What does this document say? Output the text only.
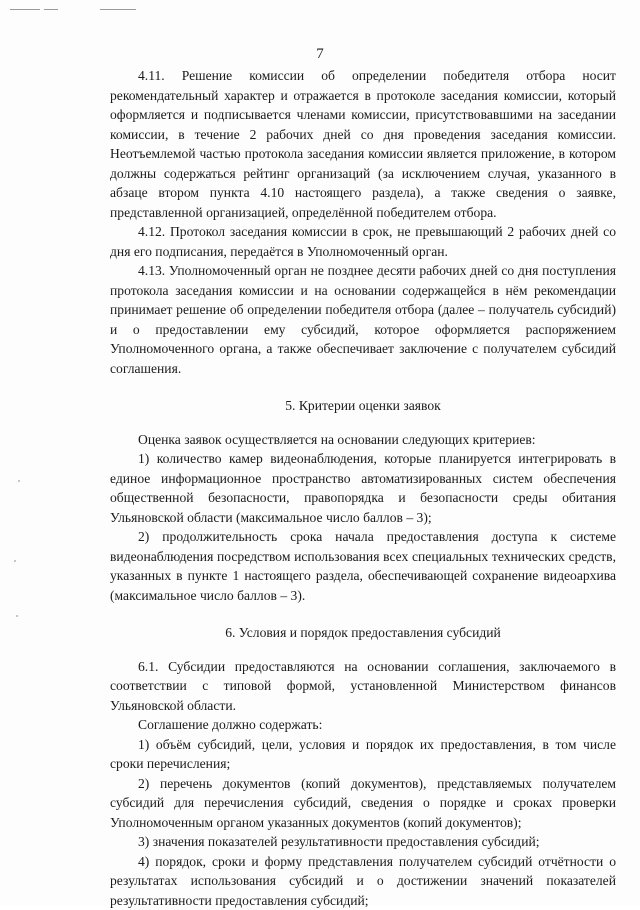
7

4.11. Решение комиссии об определении победителя отбора носит рекомендательный характер и отражается в протоколе заседания комиссии, который оформляется и подписывается членами комиссии, присутствовавшими на заседании комиссии, в течение 2 рабочих дней со дня проведения заседания комиссии. Неотъемлемой частью протокола заседания комиссии является приложение, в котором должны содержаться рейтинг организаций (за исключением случая, указанного в абзаце втором пункта 4.10 настоящего раздела), а также сведения о заявке, представленной организацией, определённой победителем отбора.

4.12. Протокол заседания комиссии в срок, не превышающий 2 рабочих дней со дня его подписания, передаётся в Уполномоченный орган.

4.13. Уполномоченный орган не позднее десяти рабочих дней со дня поступления протокола заседания комиссии и на основании содержащейся в нём рекомендации принимает решение об определении победителя отбора (далее – получатель субсидий) и о предоставлении ему субсидий, которое оформляется распоряжением Уполномоченного органа, а также обеспечивает заключение с получателем субсидий соглашения.

5. Критерии оценки заявок

Оценка заявок осуществляется на основании следующих критериев:

1) количество камер видеонаблюдения, которые планируется интегрировать в единое информационное пространство автоматизированных систем обеспечения общественной безопасности, правопорядка и безопасности среды обитания Ульяновской области (максимальное число баллов – 3);

2) продолжительность срока начала предоставления доступа к системе видеонаблюдения посредством использования всех специальных технических средств, указанных в пункте 1 настоящего раздела, обеспечивающей сохранение видеоархива (максимальное число баллов – 3).

6. Условия и порядок предоставления субсидий

6.1. Субсидии предоставляются на основании соглашения, заключаемого в соответствии с типовой формой, установленной Министерством финансов Ульяновской области.

Соглашение должно содержать:

1) объём субсидий, цели, условия и порядок их предоставления, в том числе сроки перечисления;

2) перечень документов (копий документов), представляемых получателем субсидий для перечисления субсидий, сведения о порядке и сроках проверки Уполномоченным органом указанных документов (копий документов);

3) значения показателей результативности предоставления субсидий;

4) порядок, сроки и форму представления получателем субсидий отчётности о результатах использования субсидий и о достижении значений показателей результативности предоставления субсидий;
